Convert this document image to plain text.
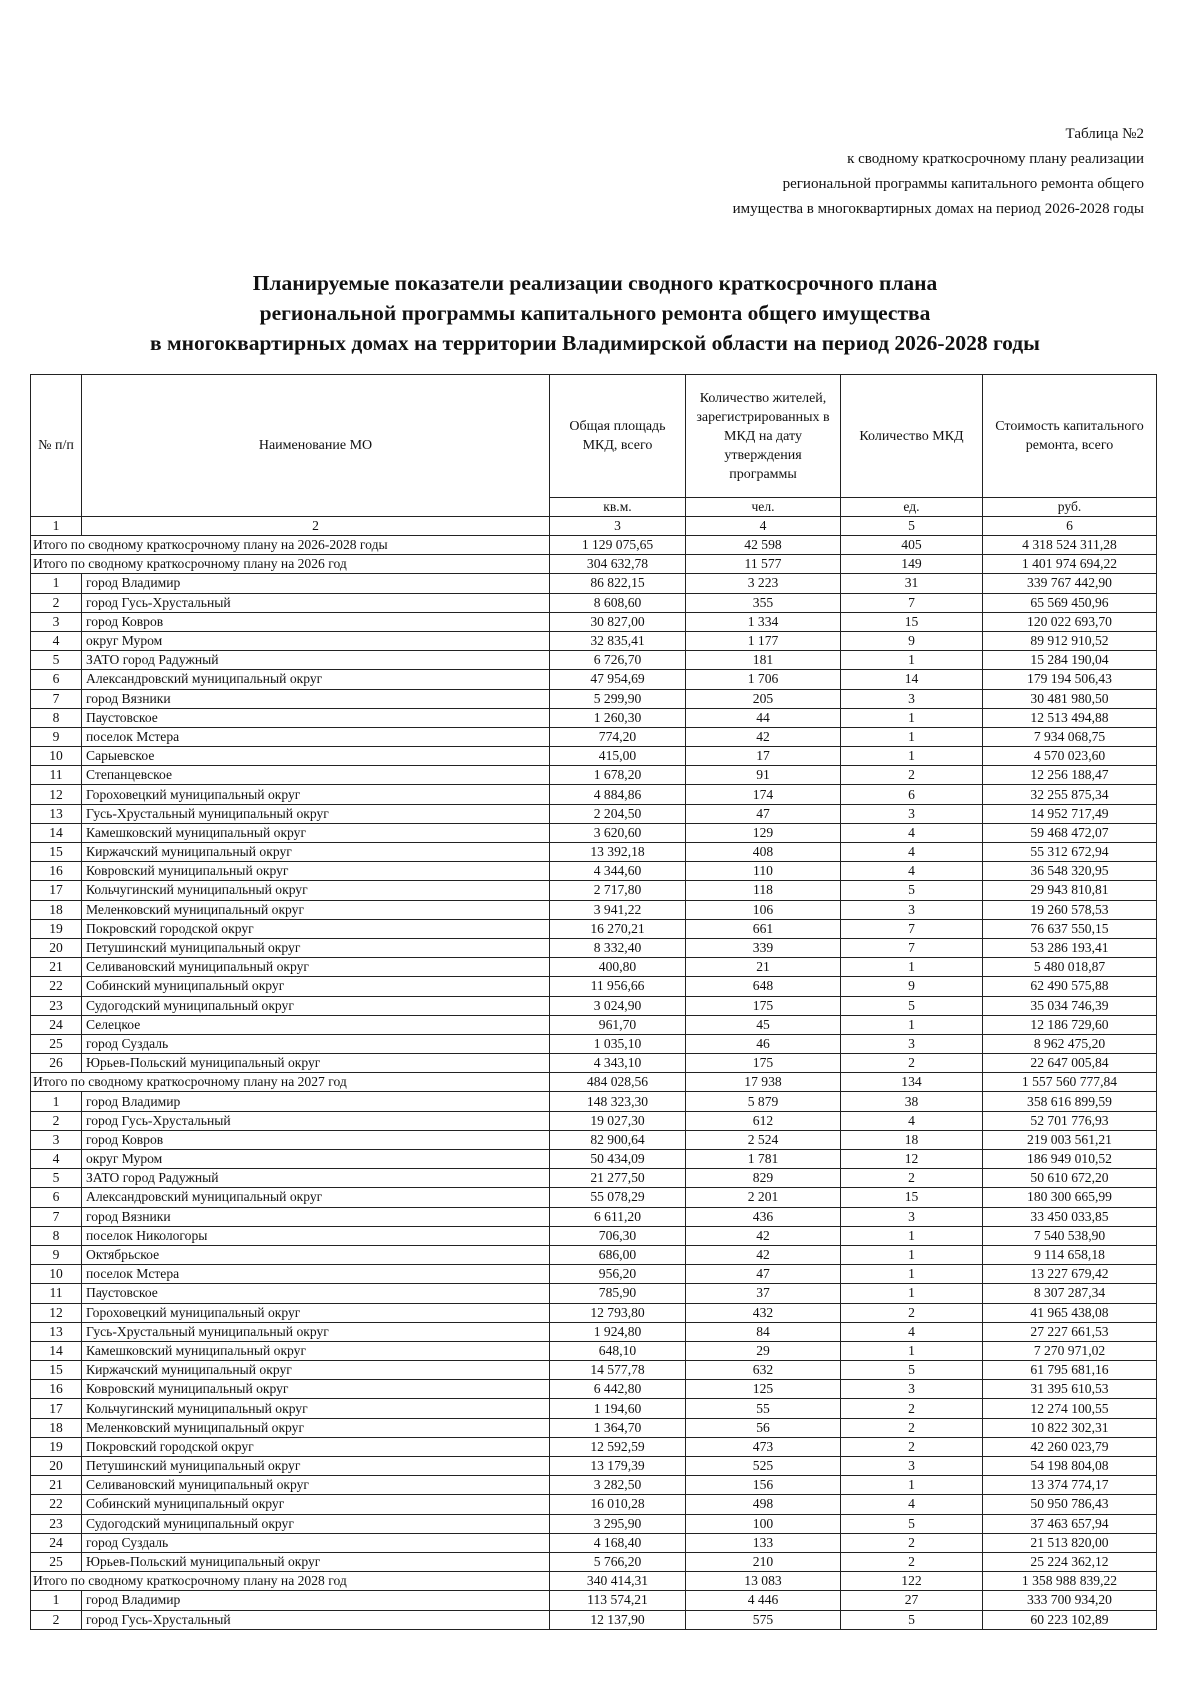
Таблица №2
к сводному краткосрочному плану реализации
региональной программы капитального ремонта общего
имущества в многоквартирных домах на период 2026-2028 годы
Планируемые показатели реализации сводного краткосрочного плана
региональной программы капитального ремонта общего имущества
в многоквартирных домах на территории Владимирской области на период 2026-2028 годы
№ п/п	Наименование МО	Общая площадь МКД, всего	Количество жителей, зарегистрированных в МКД на дату утверждения программы	Количество МКД	Стоимость капитального ремонта, всего
		кв.м.	чел.	ед.	руб.
1	2	3	4	5	6
Итого по сводному краткосрочному плану на 2026-2028 годы		1 129 075,65	42 598	405	4 318 524 311,28
Итого по сводному краткосрочному плану на 2026 год		304 632,78	11 577	149	1 401 974 694,22
1	город Владимир	86 822,15	3 223	31	339 767 442,90
2	город Гусь-Хрустальный	8 608,60	355	7	65 569 450,96
3	город Ковров	30 827,00	1 334	15	120 022 693,70
4	округ Муром	32 835,41	1 177	9	89 912 910,52
5	ЗАТО город Радужный	6 726,70	181	1	15 284 190,04
6	Александровский муниципальный округ	47 954,69	1 706	14	179 194 506,43
7	город Вязники	5 299,90	205	3	30 481 980,50
8	Паустовское	1 260,30	44	1	12 513 494,88
9	поселок Мстера	774,20	42	1	7 934 068,75
10	Сарыевское	415,00	17	1	4 570 023,60
11	Степанцевское	1 678,20	91	2	12 256 188,47
12	Гороховецкий муниципальный округ	4 884,86	174	6	32 255 875,34
13	Гусь-Хрустальный муниципальный округ	2 204,50	47	3	14 952 717,49
14	Камешковский муниципальный округ	3 620,60	129	4	59 468 472,07
15	Киржачский муниципальный округ	13 392,18	408	4	55 312 672,94
16	Ковровский муниципальный округ	4 344,60	110	4	36 548 320,95
17	Кольчугинский муниципальный округ	2 717,80	118	5	29 943 810,81
18	Меленковский муниципальный округ	3 941,22	106	3	19 260 578,53
19	Покровский городской округ	16 270,21	661	7	76 637 550,15
20	Петушинский муниципальный округ	8 332,40	339	7	53 286 193,41
21	Селивановский муниципальный округ	400,80	21	1	5 480 018,87
22	Собинский муниципальный округ	11 956,66	648	9	62 490 575,88
23	Судогодский муниципальный округ	3 024,90	175	5	35 034 746,39
24	Селецкое	961,70	45	1	12 186 729,60
25	город Суздаль	1 035,10	46	3	8 962 475,20
26	Юрьев-Польский муниципальный округ	4 343,10	175	2	22 647 005,84
Итого по сводному краткосрочному плану на 2027 год		484 028,56	17 938	134	1 557 560 777,84
1	город Владимир	148 323,30	5 879	38	358 616 899,59
2	город Гусь-Хрустальный	19 027,30	612	4	52 701 776,93
3	город Ковров	82 900,64	2 524	18	219 003 561,21
4	округ Муром	50 434,09	1 781	12	186 949 010,52
5	ЗАТО город Радужный	21 277,50	829	2	50 610 672,20
6	Александровский муниципальный округ	55 078,29	2 201	15	180 300 665,99
7	город Вязники	6 611,20	436	3	33 450 033,85
8	поселок Никологоры	706,30	42	1	7 540 538,90
9	Октябрьское	686,00	42	1	9 114 658,18
10	поселок Мстера	956,20	47	1	13 227 679,42
11	Паустовское	785,90	37	1	8 307 287,34
12	Гороховецкий муниципальный округ	12 793,80	432	2	41 965 438,08
13	Гусь-Хрустальный муниципальный округ	1 924,80	84	4	27 227 661,53
14	Камешковский муниципальный округ	648,10	29	1	7 270 971,02
15	Киржачский муниципальный округ	14 577,78	632	5	61 795 681,16
16	Ковровский муниципальный округ	6 442,80	125	3	31 395 610,53
17	Кольчугинский муниципальный округ	1 194,60	55	2	12 274 100,55
18	Меленковский муниципальный округ	1 364,70	56	2	10 822 302,31
19	Покровский городской округ	12 592,59	473	2	42 260 023,79
20	Петушинский муниципальный округ	13 179,39	525	3	54 198 804,08
21	Селивановский муниципальный округ	3 282,50	156	1	13 374 774,17
22	Собинский муниципальный округ	16 010,28	498	4	50 950 786,43
23	Судогодский муниципальный округ	3 295,90	100	5	37 463 657,94
24	город Суздаль	4 168,40	133	2	21 513 820,00
25	Юрьев-Польский муниципальный округ	5 766,20	210	2	25 224 362,12
Итого по сводному краткосрочному плану на 2028 год		340 414,31	13 083	122	1 358 988 839,22
1	город Владимир	113 574,21	4 446	27	333 700 934,20
2	город Гусь-Хрустальный	12 137,90	575	5	60 223 102,89
